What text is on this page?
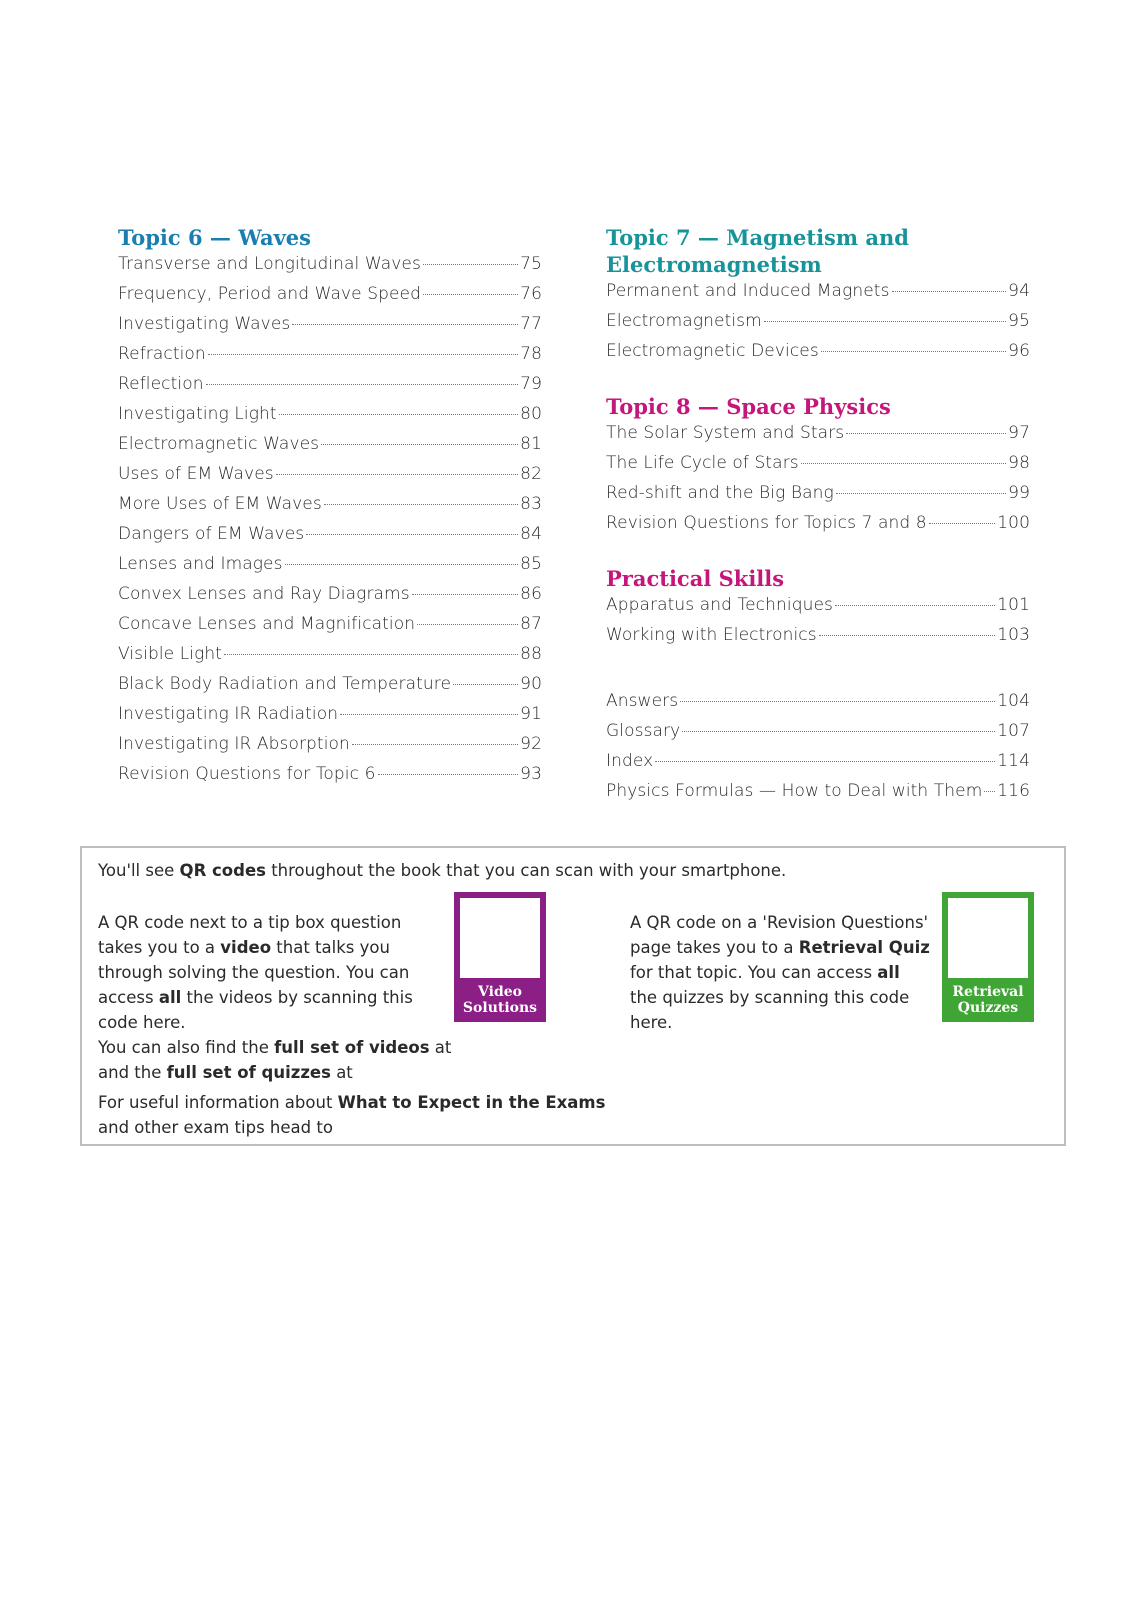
Topic 6 — Waves
Transverse and Longitudinal Waves	75
Frequency, Period and Wave Speed	76
Investigating Waves	77
Refraction	78
Reflection	79
Investigating Light	80
Electromagnetic Waves	81
Uses of EM Waves	82
More Uses of EM Waves	83
Dangers of EM Waves	84
Lenses and Images	85
Convex Lenses and Ray Diagrams	86
Concave Lenses and Magnification	87
Visible Light	88
Black Body Radiation and Temperature	90
Investigating IR Radiation	91
Investigating IR Absorption	92
Revision Questions for Topic 6	93
Topic 7 — Magnetism and
Electromagnetism
Permanent and Induced Magnets	94
Electromagnetism	95
Electromagnetic Devices	96
Topic 8 — Space Physics
The Solar System and Stars	97
The Life Cycle of Stars	98
Red-shift and the Big Bang	99
Revision Questions for Topics 7 and 8	100
Practical Skills
Apparatus and Techniques	101
Working with Electronics	103
Answers	104
Glossary	107
Index	114
Physics Formulas — How to Deal with Them 116

You'll see QR codes throughout the book that you can scan with your smartphone.

A QR code next to a tip box question takes you to a video that talks you through solving the question. You can access all the videos by scanning this code here.

Video
Solutions

A QR code on a 'Revision Questions' page takes you to a Retrieval Quiz for that topic. You can access all the quizzes by scanning this code here.

Retrieval
Quizzes

You can also find the full set of videos at and the full set of quizzes at

For useful information about What to Expect in the Exams and other exam tips head to
